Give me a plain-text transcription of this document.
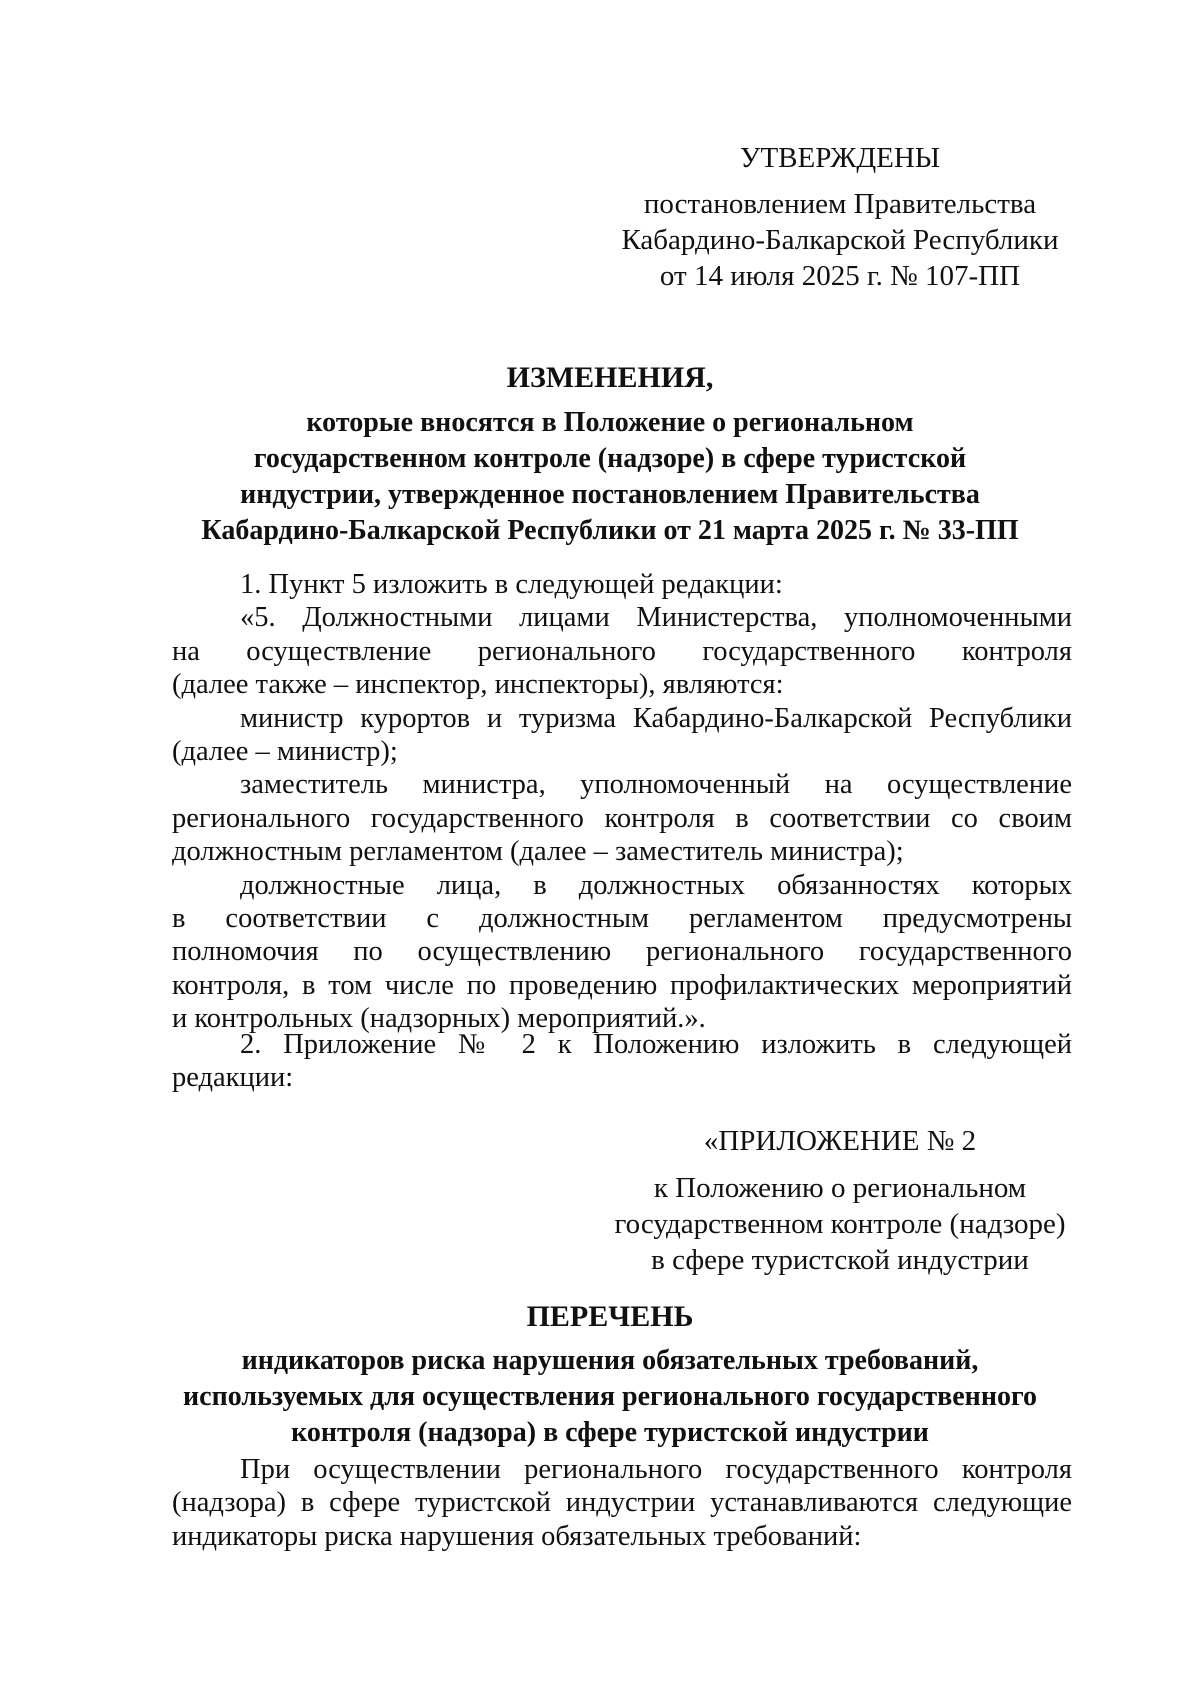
УТВЕРЖДЕНЫ
постановлением Правительства
Кабардино-Балкарской Республики
от 14 июля 2025 г. № 107-ПП
ИЗМЕНЕНИЯ,
которые вносятся в Положение о региональном
государственном контроле (надзоре) в сфере туристской
индустрии, утвержденное постановлением Правительства
Кабардино-Балкарской Республики от 21 марта 2025 г. № 33-ПП
1. Пункт 5 изложить в следующей редакции:
«5. Должностными лицами Министерства, уполномоченными
на осуществление регионального государственного контроля
(далее также – инспектор, инспекторы), являются:
министр курортов и туризма Кабардино-Балкарской Республики
(далее – министр);
заместитель министра, уполномоченный на осуществление
регионального государственного контроля в соответствии со своим
должностным регламентом (далее – заместитель министра);
должностные лица, в должностных обязанностях которых
в соответствии с должностным регламентом предусмотрены
полномочия по осуществлению регионального государственного
контроля, в том числе по проведению профилактических мероприятий
и контрольных (надзорных) мероприятий.».
2. Приложение № 2 к Положению изложить в следующей
редакции:
«ПРИЛОЖЕНИЕ № 2
к Положению о региональном
государственном контроле (надзоре)
в сфере туристской индустрии
ПЕРЕЧЕНЬ
индикаторов риска нарушения обязательных требований,
используемых для осуществления регионального государственного
контроля (надзора) в сфере туристской индустрии
При осуществлении регионального государственного контроля
(надзора) в сфере туристской индустрии устанавливаются следующие
индикаторы риска нарушения обязательных требований:
